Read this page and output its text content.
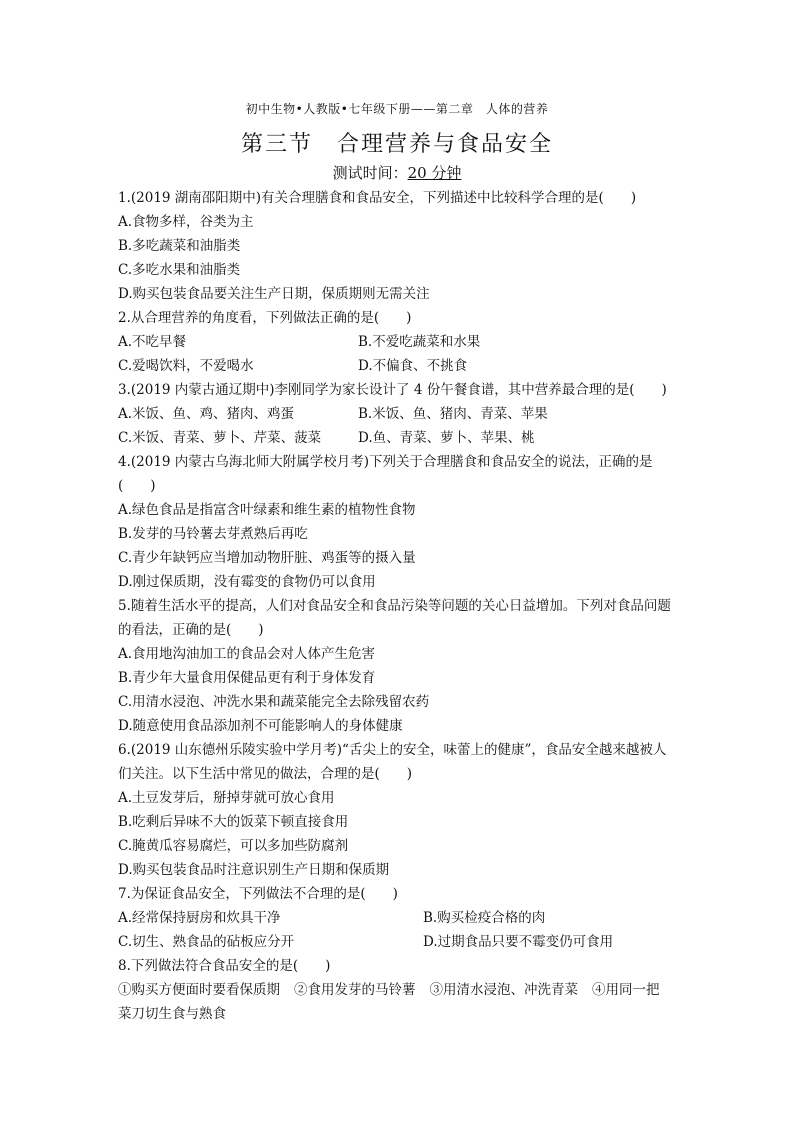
初中生物•人教版•七年级下册——第二章　人体的营养
第三节　合理营养与食品安全
测试时间：20 分钟
1.(2019 湖南邵阳期中)有关合理膳食和食品安全，下列描述中比较科学合理的是(　　)
A.食物多样，谷类为主
B.多吃蔬菜和油脂类
C.多吃水果和油脂类
D.购买包装食品要关注生产日期，保质期则无需关注
2.从合理营养的角度看，下列做法正确的是(　　)
A.不吃早餐	B.不爱吃蔬菜和水果
C.爱喝饮料，不爱喝水	D.不偏食、不挑食
3.(2019 内蒙古通辽期中)李刚同学为家长设计了 4 份午餐食谱，其中营养最合理的是(　　)
A.米饭、鱼、鸡、猪肉、鸡蛋	B.米饭、鱼、猪肉、青菜、苹果
C.米饭、青菜、萝卜、芹菜、菠菜	D.鱼、青菜、萝卜、苹果、桃
4.(2019 内蒙古乌海北师大附属学校月考)下列关于合理膳食和食品安全的说法，正确的是(　　)
A.绿色食品是指富含叶绿素和维生素的植物性食物
B.发芽的马铃薯去芽煮熟后再吃
C.青少年缺钙应当增加动物肝脏、鸡蛋等的摄入量
D.刚过保质期，没有霉变的食物仍可以食用
5.随着生活水平的提高，人们对食品安全和食品污染等问题的关心日益增加。下列对食品问题的看法，正确的是(　　)
A.食用地沟油加工的食品会对人体产生危害
B.青少年大量食用保健品更有利于身体发育
C.用清水浸泡、冲洗水果和蔬菜能完全去除残留农药
D.随意使用食品添加剂不可能影响人的身体健康
6.(2019 山东德州乐陵实验中学月考)“舌尖上的安全，味蕾上的健康”，食品安全越来越被人们关注。以下生活中常见的做法，合理的是(　　)
A.土豆发芽后，掰掉芽就可放心食用
B.吃剩后异味不大的饭菜下顿直接食用
C.腌黄瓜容易腐烂，可以多加些防腐剂
D.购买包装食品时注意识别生产日期和保质期
7.为保证食品安全，下列做法不合理的是(　　)
A.经常保持厨房和炊具干净	B.购买检疫合格的肉
C.切生、熟食品的砧板应分开	D.过期食品只要不霉变仍可食用
8.下列做法符合食品安全的是(　　)
①购买方便面时要看保质期 ②食用发芽的马铃薯 ③用清水浸泡、冲洗青菜 ④用同一把
菜刀切生食与熟食
